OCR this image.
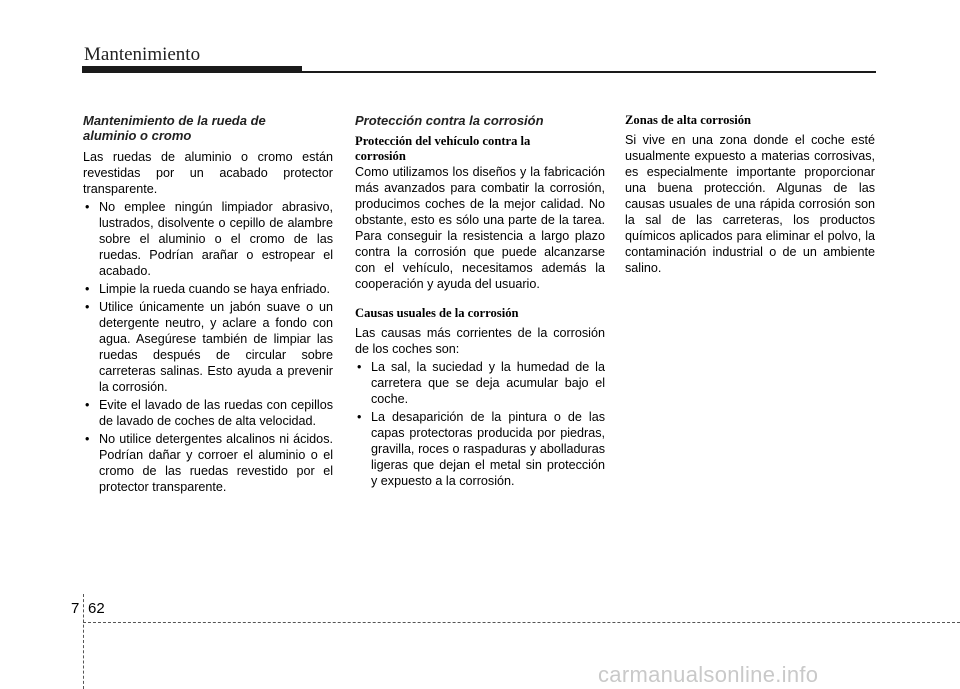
Mantenimiento
Mantenimiento de la rueda de
aluminio o cromo

Las ruedas de aluminio o cromo están revestidas por un acabado protector transparente.

• No emplee ningún limpiador abrasivo, lustrados, disolvente o cepillo de alambre sobre el aluminio o el cromo de las ruedas. Podrían arañar o estropear el acabado.
• Limpie la rueda cuando se haya enfriado.
• Utilice únicamente un jabón suave o un detergente neutro, y aclare a fondo con agua. Asegúrese también de limpiar las ruedas después de circular sobre carreteras salinas. Esto ayuda a prevenir la corrosión.
• Evite el lavado de las ruedas con cepillos de lavado de coches de alta velocidad.
• No utilice detergentes alcalinos ni ácidos. Podrían dañar y corroer el aluminio o el cromo de las ruedas revestido por el protector transparente.
Protección contra la corrosión
Protección del vehículo contra la
corrosión

Como utilizamos los diseños y la fabricación más avanzados para combatir la corrosión, producimos coches de la mejor calidad. No obstante, esto es sólo una parte de la tarea. Para conseguir la resistencia a largo plazo contra la corrosión que puede alcanzarse con el vehículo, necesitamos además la cooperación y ayuda del usuario.

Causas usuales de la corrosión

Las causas más corrientes de la corrosión de los coches son:

• La sal, la suciedad y la humedad de la carretera que se deja acumular bajo el coche.
• La desaparición de la pintura o de las capas protectoras producida por piedras, gravilla, roces o raspaduras y abolladuras ligeras que dejan el metal sin protección y expuesto a la corrosión.
Zonas de alta corrosión

Si vive en una zona donde el coche esté usualmente expuesto a materias corrosivas, es especialmente importante proporcionar una buena protección. Algunas de las causas usuales de una rápida corrosión son la sal de las carreteras, los productos químicos aplicados para eliminar el polvo, la contaminación industrial o de un ambiente salino.

7 62
carmanualsonline.info
